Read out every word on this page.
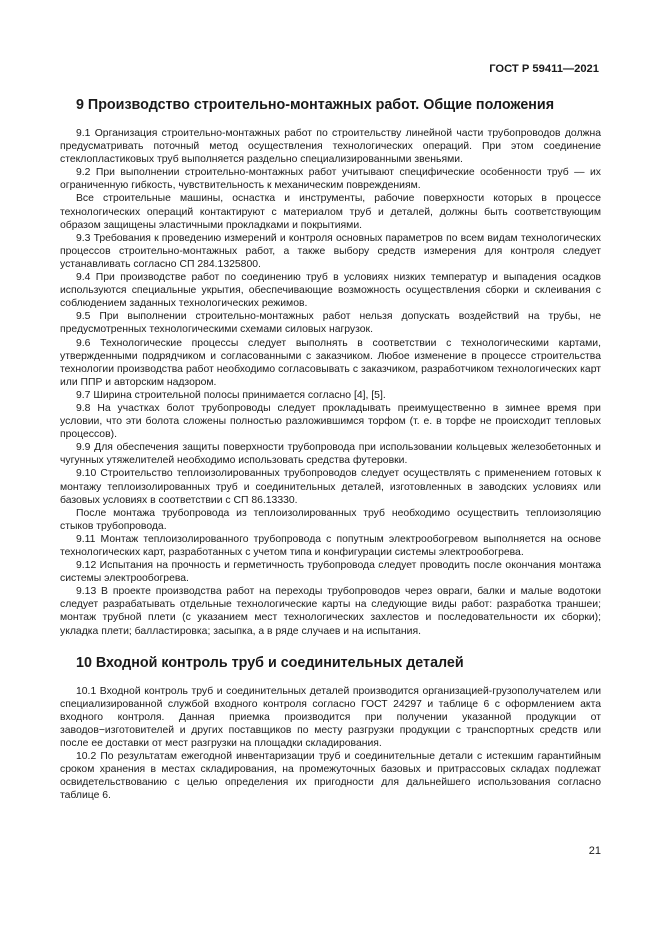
ГОСТ Р 59411—2021
9 Производство строительно-монтажных работ. Общие положения

9.1 Организация строительно-монтажных работ по строительству линейной части трубопроводов должна предусматривать поточный метод осуществления технологических операций. При этом соединение стеклопластиковых труб выполняется раздельно специализированными звеньями.

9.2 При выполнении строительно-монтажных работ учитывают специфические особенности труб — их ограниченную гибкость, чувствительность к механическим повреждениям.

Все строительные машины, оснастка и инструменты, рабочие поверхности которых в процессе технологических операций контактируют с материалом труб и деталей, должны быть соответствующим образом защищены эластичными прокладками и покрытиями.

9.3 Требования к проведению измерений и контроля основных параметров по всем видам технологических процессов строительно-монтажных работ, а также выбору средств измерения для контроля следует устанавливать согласно СП 284.1325800.

9.4 При производстве работ по соединению труб в условиях низких температур и выпадения осадков используются специальные укрытия, обеспечивающие возможность осуществления сборки и склеивания с соблюдением заданных технологических режимов.

9.5 При выполнении строительно-монтажных работ нельзя допускать воздействий на трубы, не предусмотренных технологическими схемами силовых нагрузок.

9.6 Технологические процессы следует выполнять в соответствии с технологическими картами, утвержденными подрядчиком и согласованными с заказчиком. Любое изменение в процессе строительства технологии производства работ необходимо согласовывать с заказчиком, разработчиком технологических карт или ППР и авторским надзором.

9.7 Ширина строительной полосы принимается согласно [4], [5].

9.8 На участках болот трубопроводы следует прокладывать преимущественно в зимнее время при условии, что эти болота сложены полностью разложившимся торфом (т. е. в торфе не происходит тепловых процессов).

9.9 Для обеспечения защиты поверхности трубопровода при использовании кольцевых железобетонных и чугунных утяжелителей необходимо использовать средства футеровки.

9.10 Строительство теплоизолированных трубопроводов следует осуществлять с применением готовых к монтажу теплоизолированных труб и соединительных деталей, изготовленных в заводских условиях или базовых условиях в соответствии с СП 86.13330.

После монтажа трубопровода из теплоизолированных труб необходимо осуществить теплоизоляцию стыков трубопровода.

9.11 Монтаж теплоизолированного трубопровода с попутным электрообогревом выполняется на основе технологических карт, разработанных с учетом типа и конфигурации системы электрообогрева.

9.12 Испытания на прочность и герметичность трубопровода следует проводить после окончания монтажа системы электрообогрева.

9.13 В проекте производства работ на переходы трубопроводов через овраги, балки и малые водотоки следует разрабатывать отдельные технологические карты на следующие виды работ: разработка траншеи; монтаж трубной плети (с указанием мест технологических захлестов и последовательности их сборки); укладка плети; балластировка; засыпка, а в ряде случаев и на испытания.

10 Входной контроль труб и соединительных деталей

10.1 Входной контроль труб и соединительных деталей производится организацией-грузополучателем или специализированной службой входного контроля согласно ГОСТ 24297 и таблице 6 с оформлением акта входного контроля. Данная приемка производится при получении указанной продукции от заводов−изготовителей и других поставщиков по месту разгрузки продукции с транспортных средств или после ее доставки от мест разгрузки на площадки складирования.

10.2 По результатам ежегодной инвентаризации труб и соединительные детали с истекшим гарантийным сроком хранения в местах складирования, на промежуточных базовых и притрассовых складах подлежат освидетельствованию с целью определения их пригодности для дальнейшего использования согласно таблице 6.

21
